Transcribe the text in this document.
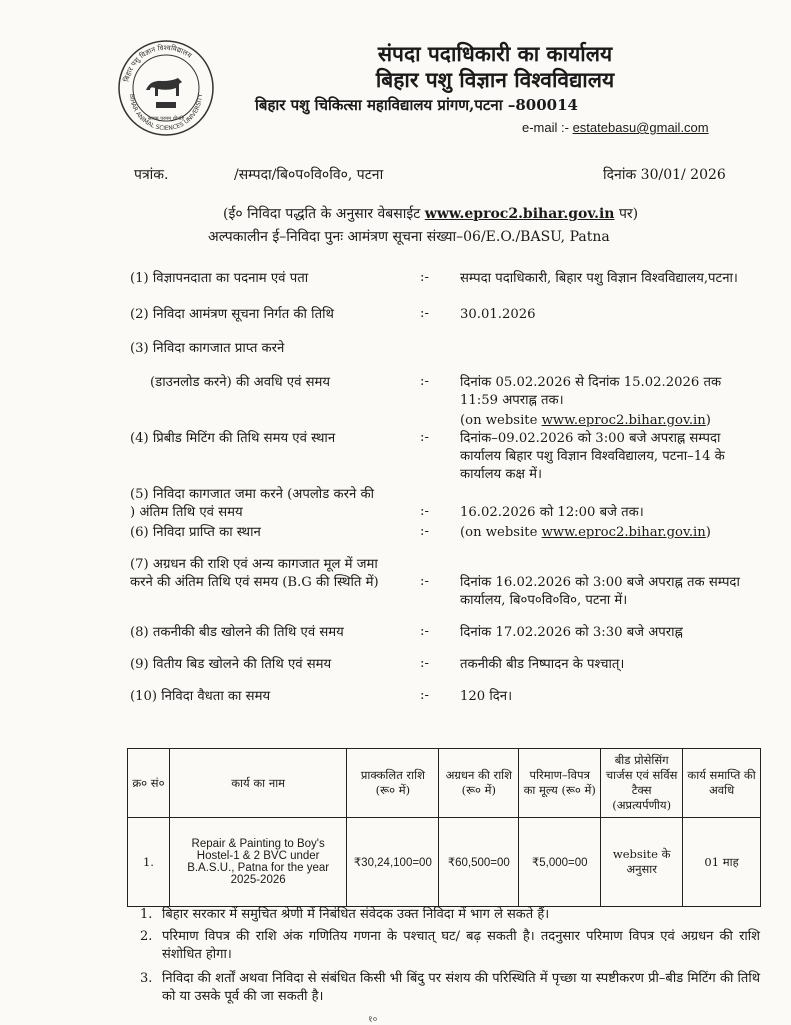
बिहार पशु विज्ञान विश्वविद्यालय
BIHAR ANIMAL SCIENCES UNIVERSITY
सत्यम् परमम् धीमहि
संपदा पदाधिकारी का कार्यालय
बिहार पशु विज्ञान विश्वविद्यालय
बिहार पशु चिकित्सा महाविद्यालय प्रांगण,पटना –800014
e-mail :- estatebasu@gmail.com
पत्रांक.	/सम्पदा/बि०प०वि०वि०, पटना	दिनांक 30/01/ 2026
(ई० निविदा पद्धति के अनुसार वेबसाईट www.eproc2.bihar.gov.in पर)
अल्पकालीन ई–निविदा पुनः आमंत्रण सूचना संख्या–06/E.O./BASU, Patna
(1) विज्ञापनदाता का पदनाम एवं पता	:-	सम्पदा पदाधिकारी, बिहार पशु विज्ञान विश्वविद्यालय,पटना।
(2) निविदा आमंत्रण सूचना निर्गत की तिथि	:-	30.01.2026
(3) निविदा कागजात प्राप्त करने
(डाउनलोड करने) की अवधि एवं समय	:-	दिनांक 05.02.2026 से दिनांक 15.02.2026 तक 11:59 अपराह्न तक।
(on website www.eproc2.bihar.gov.in)
(4) प्रिबीड मिटिंग की तिथि समय एवं स्थान	:-	दिनांक–09.02.2026 को 3:00 बजे अपराह्न सम्पदा कार्यालय बिहार पशु विज्ञान विश्वविद्यालय, पटना–14 के कार्यालय कक्ष में।
(5) निविदा कागजात जमा करने (अपलोड करने की ) अंतिम तिथि एवं समय	:-	16.02.2026 को 12:00 बजे तक।
(6) निविदा प्राप्ति का स्थान	:-	(on website www.eproc2.bihar.gov.in)
(7) अग्रधन की राशि एवं अन्य कागजात मूल में जमा करने की अंतिम तिथि एवं समय (B.G की स्थिति में)	:-	दिनांक 16.02.2026 को 3:00 बजे अपराह्न तक सम्पदा कार्यालय, बि०प०वि०वि०, पटना में।
(8) तकनीकी बीड खोलने की तिथि एवं समय	:-	दिनांक 17.02.2026 को 3:30 बजे अपराह्न
(9) वितीय बिड खोलने की तिथि एवं समय	:-	तकनीकी बीड निष्पादन के पश्चात्।
(10) निविदा वैधता का समय	:-	120 दिन।
क्र० सं०	कार्य का नाम	प्राक्कलित राशि (रू० में)	अग्रधन की राशि (रू० में)	परिमाण–विपत्र का मूल्य (रू० में)	बीड प्रोसेसिंग चार्जस एवं सर्विस टैक्स (अप्रत्यर्पणीय)	कार्य समाप्ति की अवधि
1.	Repair & Painting to Boy's Hostel-1 & 2 BVC under B.A.S.U., Patna for the year 2025-2026	₹30,24,100=00	₹60,500=00	₹5,000=00	website के अनुसार	01 माह
1. बिहार सरकार में समुचित श्रेणी में निबंधित संवेदक उक्त निविदा में भाग ले सकते हैं।
2. परिमाण विपत्र की राशि अंक गणितिय गणना के पश्चात् घट/ बढ़ सकती है। तदनुसार परिमाण विपत्र एवं अग्रधन की राशि संशोधित होगा।
3. निविदा की शर्तों अथवा निविदा से संबंधित किसी भी बिंदु पर संशय की परिस्थिति में पृच्छा या स्पष्टीकरण प्री–बीड मिटिंग की तिथि को या उसके पूर्व की जा सकती है।
१०
